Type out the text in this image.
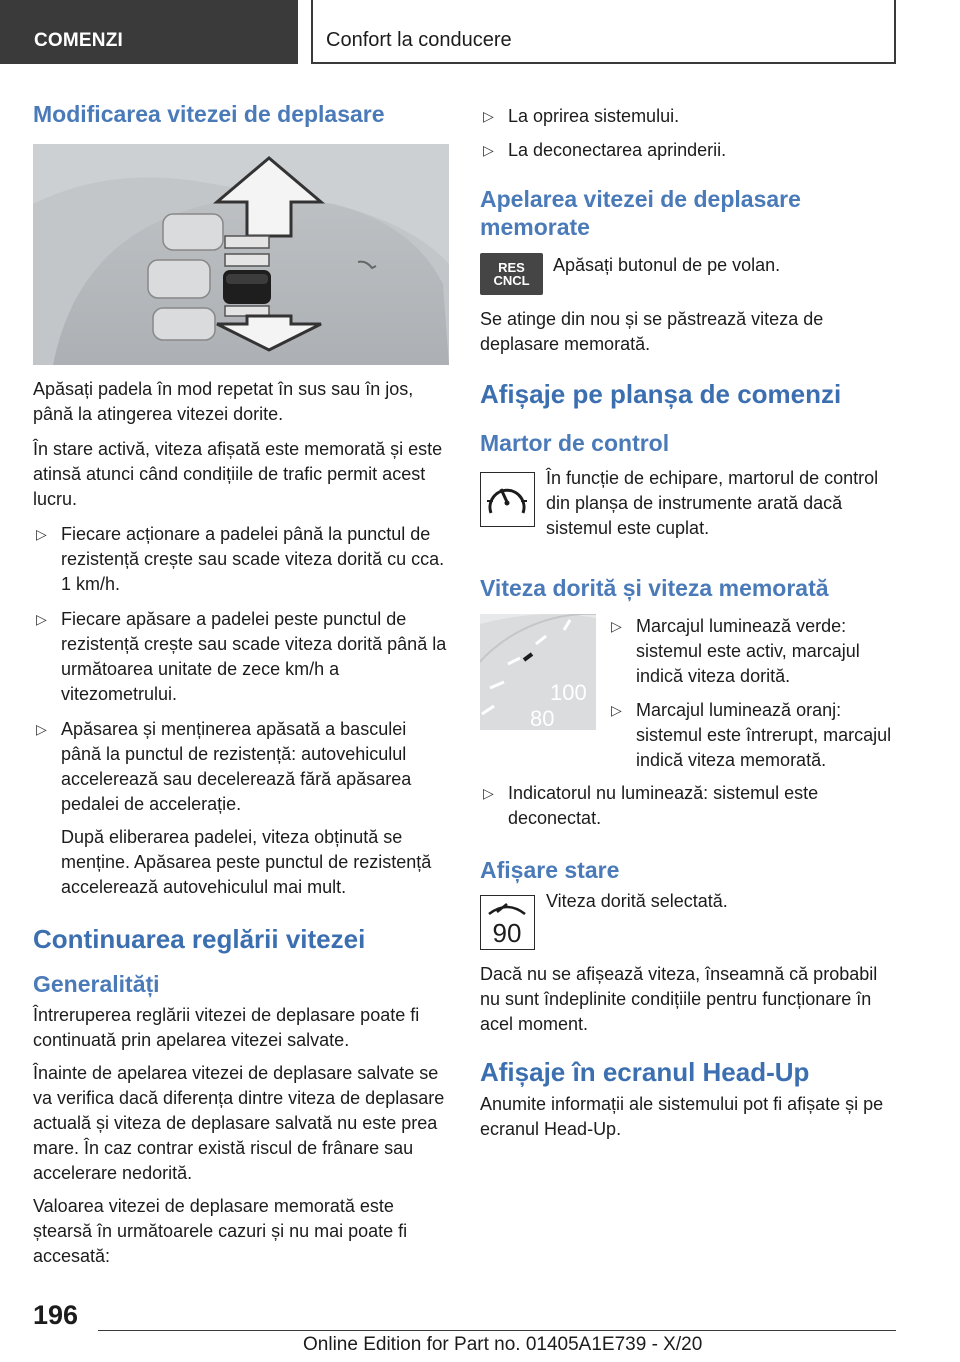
COMENZI	Confort la conducere
Modificarea vitezei de deplasare

Apăsați padela în mod repetat în sus sau în jos, până la atingerea vitezei dorite.

În stare activă, viteza afișată este memorată și este atinsă atunci când condițiile de trafic permit acest lucru.

▷ Fiecare acționare a padelei până la punctul de rezistență crește sau scade viteza dorită cu cca. 1 km/h.
▷ Fiecare apăsare a padelei peste punctul de rezistență crește sau scade viteza dorită până la următoarea unitate de zece km/h a vitezometrului.
▷ Apăsarea și menținerea apăsată a basculei până la punctul de rezistență: autovehiculul accelerează sau decelerează fără apăsarea pedalei de accelerație.
După eliberarea padelei, viteza obținută se menține. Apăsarea peste punctul de rezistență accelerează autovehiculul mai mult.
Continuarea reglării vitezei
Generalități

Întreruperea reglării vitezei de deplasare poate fi continuată prin apelarea vitezei salvate.

Înainte de apelarea vitezei de deplasare salvate se va verifica dacă diferența dintre viteza de deplasare actuală și viteza de deplasare salvată nu este prea mare. În caz contrar există riscul de frânare sau accelerare nedorită.

Valoarea vitezei de deplasare memorată este ștearsă în următoarele cazuri și nu mai poate fi accesată:

▷ La oprirea sistemului.
▷ La deconectarea aprinderii.
Apelarea vitezei de deplasare memorate
RES
CNCL

Apăsați butonul de pe volan.

Se atinge din nou și se păstrează viteza de deplasare memorată.

Afișaje pe planșa de comenzi
Martor de control

În funcție de echipare, martorul de control din planșa de instrumente arată dacă sistemul este cuplat.

Viteza dorită și viteza memorată
100
80
▷ Marcajul luminează verde: sistemul este activ, marcajul indică viteza dorită.
▷ Marcajul luminează oranj: sistemul este întrerupt, marcajul indică viteza memorată.
▷ Indicatorul nu luminează: sistemul este deconectat.
Afișare stare
90

Viteza dorită selectată.

Dacă nu se afișează viteza, înseamnă că probabil nu sunt îndeplinite condițiile pentru funcționare în acel moment.

Afișaje în ecranul Head-Up

Anumite informații ale sistemului pot fi afișate și pe ecranul Head-Up.

196
Online Edition for Part no. 01405A1E739 - X/20
